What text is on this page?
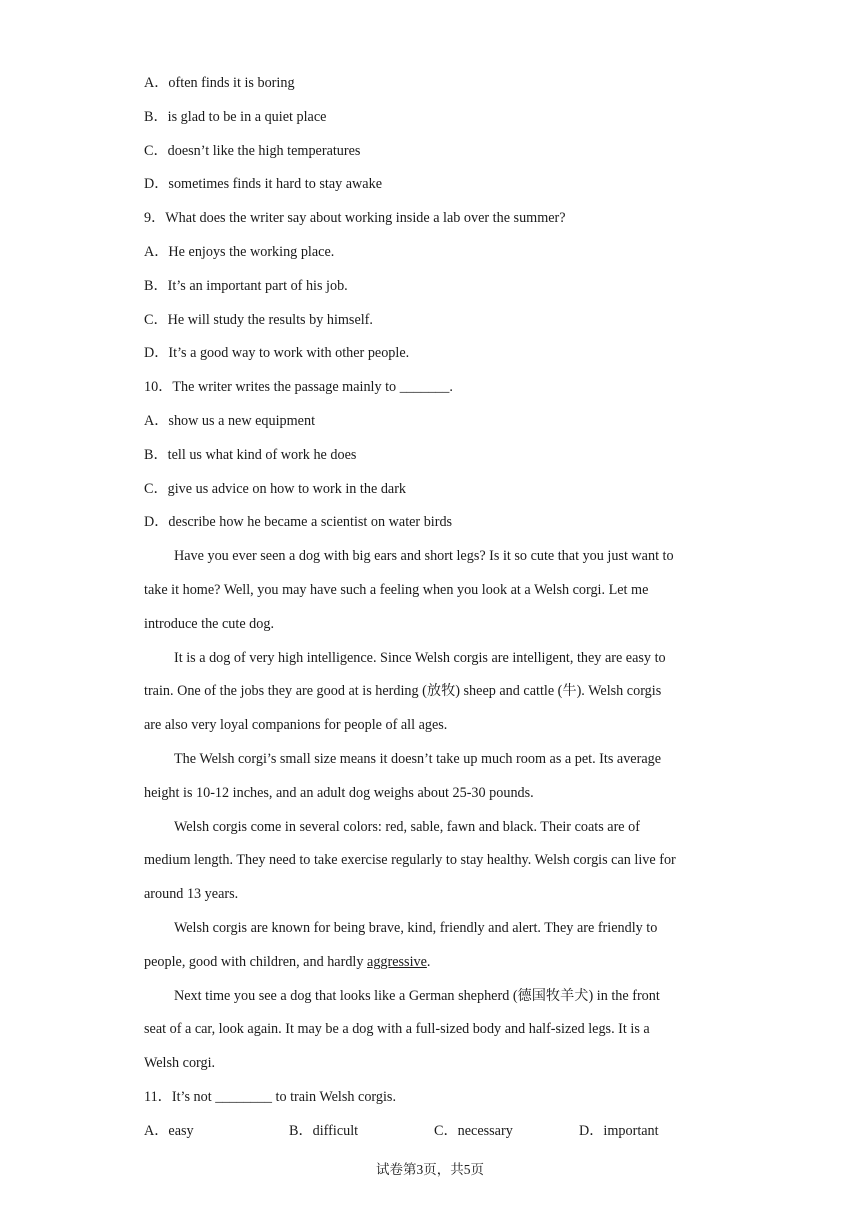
A．often finds it is boring
B．is glad to be in a quiet place
C．doesn’t like the high temperatures
D．sometimes finds it hard to stay awake
9．What does the writer say about working inside a lab over the summer?
A．He enjoys the working place.
B．It’s an important part of his job.
C．He will study the results by himself.
D．It’s a good way to work with other people.
10．The writer writes the passage mainly to _______.
A．show us a new equipment
B．tell us what kind of work he does
C．give us advice on how to work in the dark
D．describe how he became a scientist on water birds
Have you ever seen a dog with big ears and short legs? Is it so cute that you just want to
take it home? Well, you may have such a feeling when you look at a Welsh corgi. Let me
introduce the cute dog.
It is a dog of very high intelligence. Since Welsh corgis are intelligent, they are easy to
train. One of the jobs they are good at is herding (放牧) sheep and cattle (牛). Welsh corgis
are also very loyal companions for people of all ages.
The Welsh corgi’s small size means it doesn’t take up much room as a pet. Its average
height is 10-12 inches, and an adult dog weighs about 25-30 pounds.
Welsh corgis come in several colors: red, sable, fawn and black. Their coats are of
medium length. They need to take exercise regularly to stay healthy. Welsh corgis can live for
around 13 years.
Welsh corgis are known for being brave, kind, friendly and alert. They are friendly to
people, good with children, and hardly aggressive.
Next time you see a dog that looks like a German shepherd (德国牧羊犬) in the front
seat of a car, look again. It may be a dog with a full-sized body and half-sized legs. It is a
Welsh corgi.
11．It’s not ________ to train Welsh corgis.
A．easy	B．difficult	C．necessary	D．important
试卷第3页，共5页
